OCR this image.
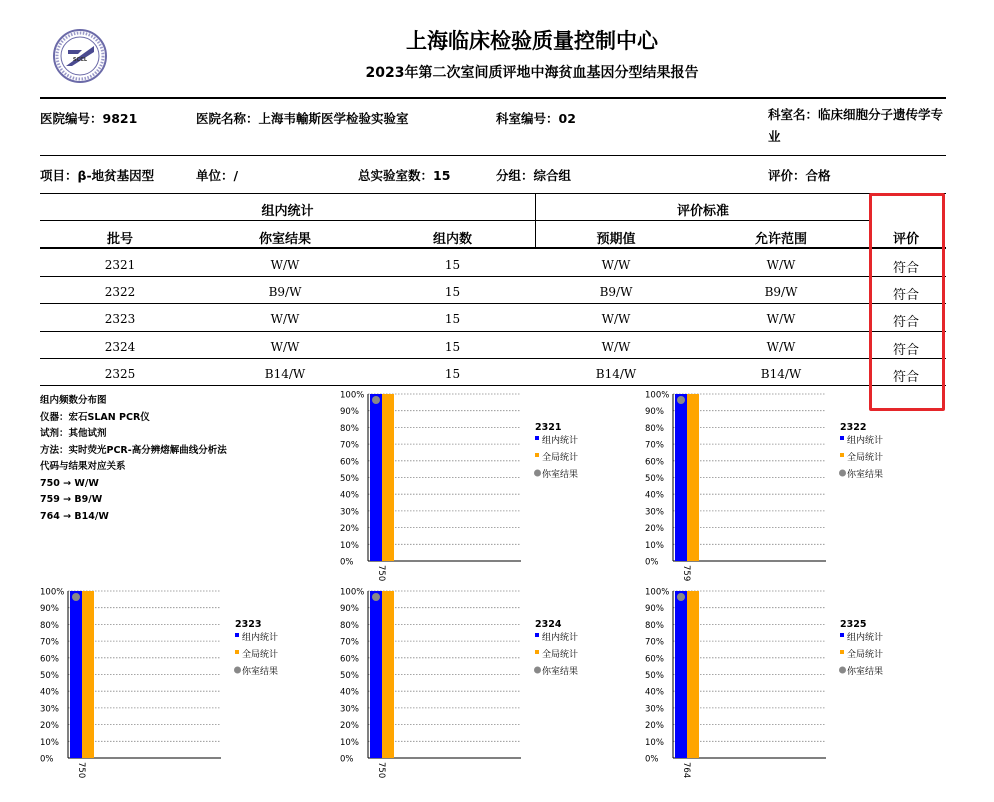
SCCL
上海临床检验质量控制中心
2023年第二次室间质评地中海贫血基因分型结果报告
医院编号：9821	医院名称：上海韦輸斯医学检验实验室	科室编号：02	科室名：临床细胞分子遗传学专业
项目：β-地贫基因型	单位：/	总实验室数：15	分组：综合组	评价：合格
组内统计	评价标准
批号	你室结果	组内数	预期值	允许范围	评价
2321	W/W	15	W/W	W/W	符合
2322	B9/W	15	B9/W	B9/W	符合
2323	W/W	15	W/W	W/W	符合
2324	W/W	15	W/W	W/W	符合
2325	B14/W	15	B14/W	B14/W	符合
组内频数分布图
仪器：宏石SLAN PCR仪
试剂：其他试剂
方法：实时荧光PCR-高分辨熔解曲线分析法
代码与结果对应关系
750 → W/W
759 → B9/W
764 → B14/W
0%
10%
20%
30%
40%
50%
60%
70%
80%
90%
100%
750
2321
组内统计
全局统计
你室结果
0%
10%
20%
30%
40%
50%
60%
70%
80%
90%
100%
759
2322
组内统计
全局统计
你室结果
0%
10%
20%
30%
40%
50%
60%
70%
80%
90%
100%
750
2323
组内统计
全局统计
你室结果
0%
10%
20%
30%
40%
50%
60%
70%
80%
90%
100%
750
2324
组内统计
全局统计
你室结果
0%
10%
20%
30%
40%
50%
60%
70%
80%
90%
100%
764
2325
组内统计
全局统计
你室结果
